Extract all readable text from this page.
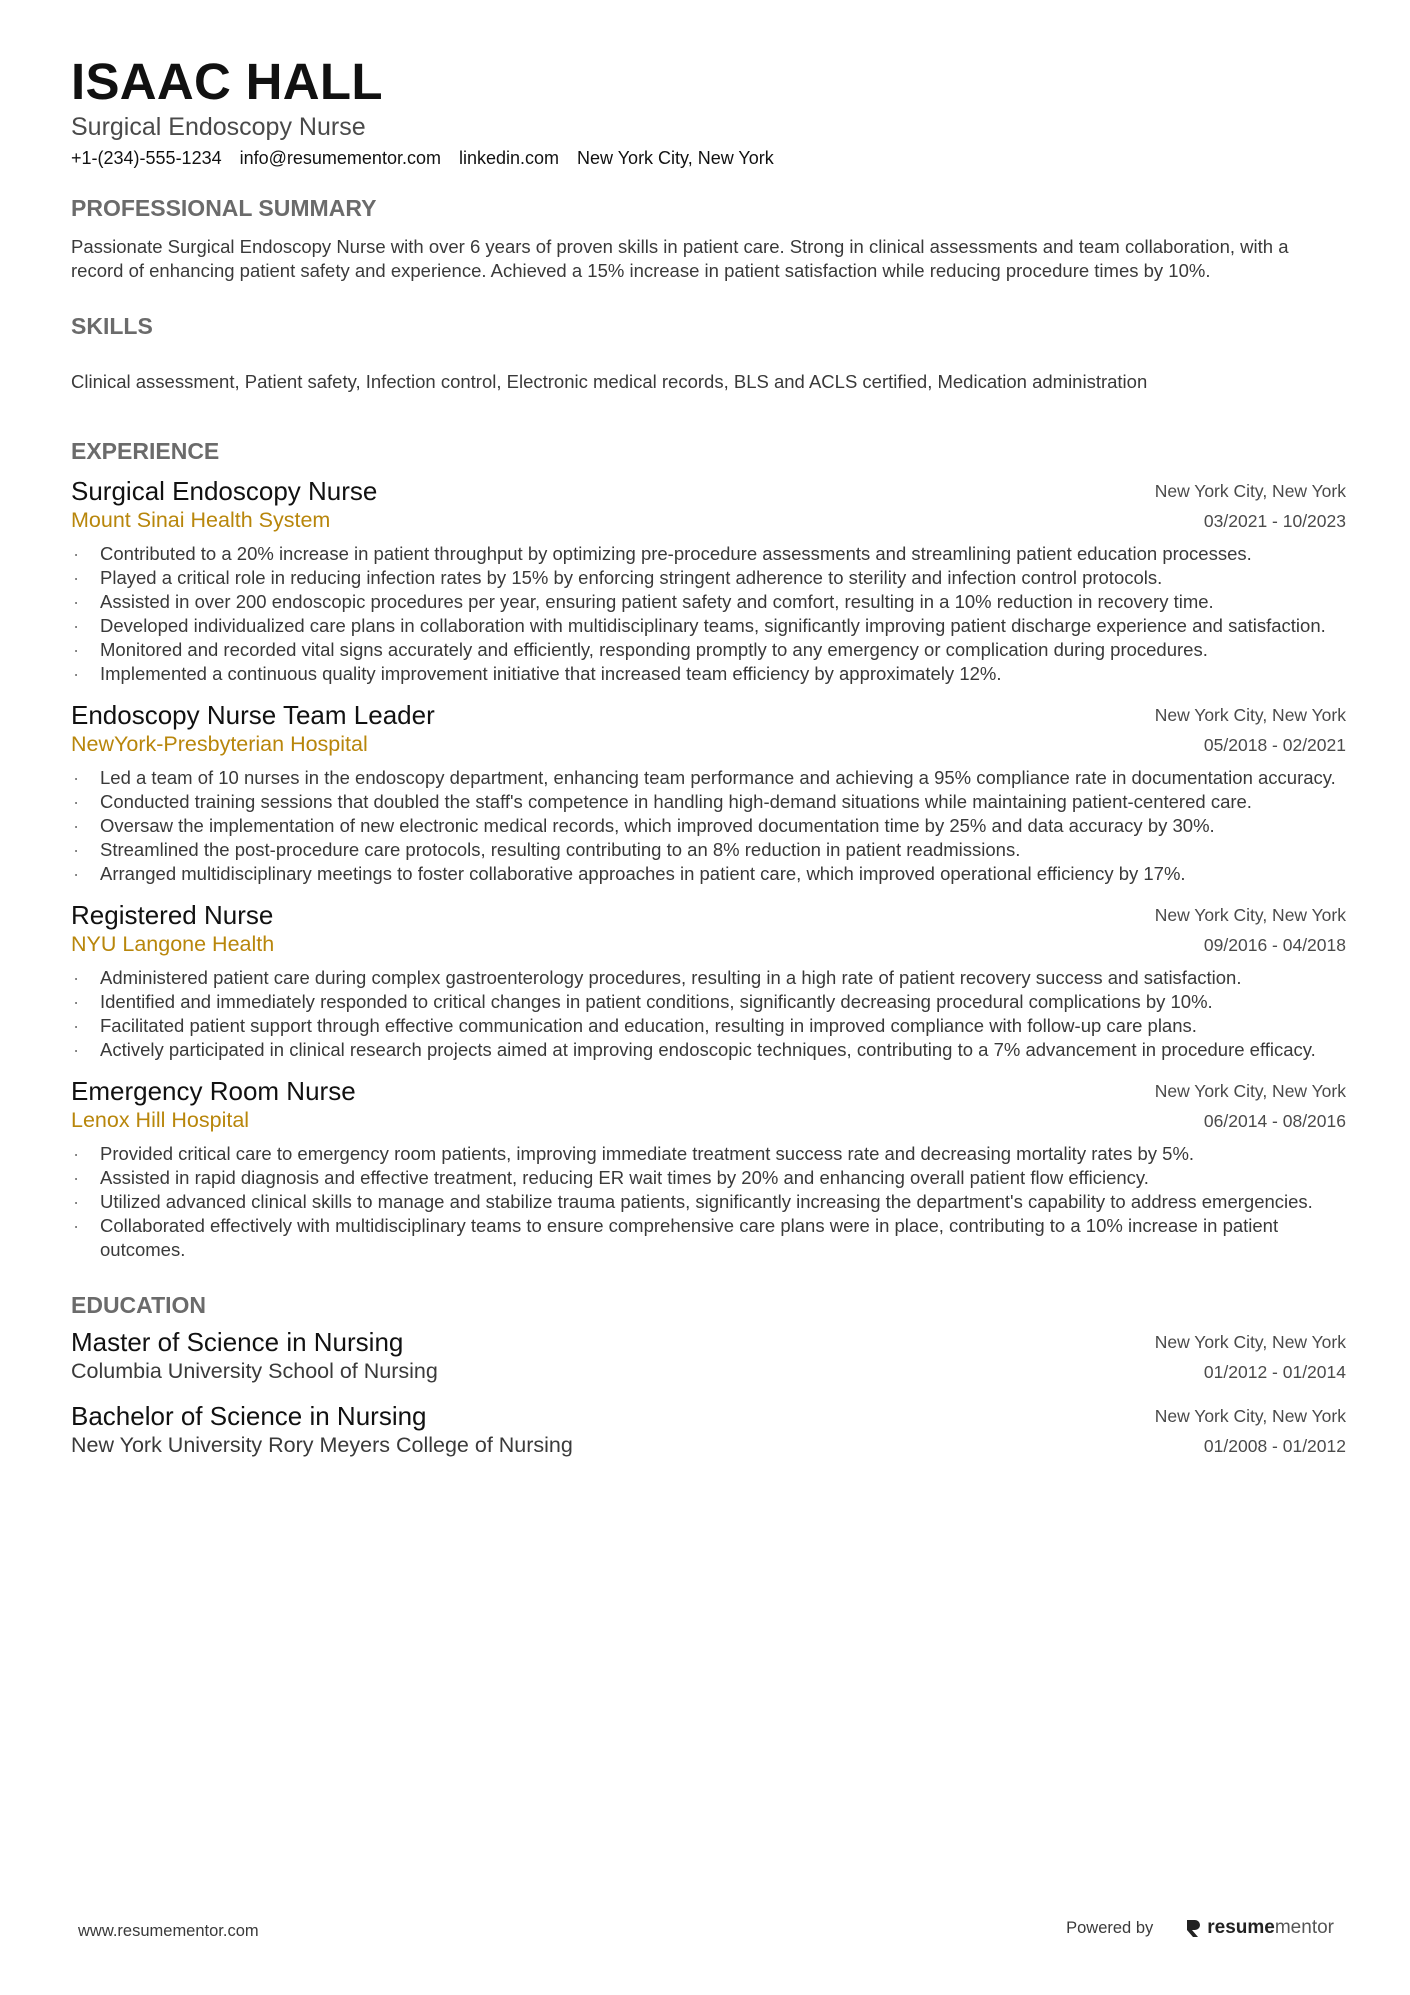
ISAAC HALL
Surgical Endoscopy Nurse
+1-(234)-555-1234 info@resumementor.com linkedin.com New York City, New York
PROFESSIONAL SUMMARY

Passionate Surgical Endoscopy Nurse with over 6 years of proven skills in patient care. Strong in clinical assessments and team collaboration, with a record of enhancing patient safety and experience. Achieved a 15% increase in patient satisfaction while reducing procedure times by 10%.

SKILLS
Clinical assessment, Patient safety, Infection control, Electronic medical records, BLS and ACLS certified, Medication administration
EXPERIENCE
Surgical Endoscopy Nurse
Mount Sinai Health System
New York City, New York
03/2021 - 10/2023
· Contributed to a 20% increase in patient throughput by optimizing pre-procedure assessments and streamlining patient education processes.
· Played a critical role in reducing infection rates by 15% by enforcing stringent adherence to sterility and infection control protocols.
· Assisted in over 200 endoscopic procedures per year, ensuring patient safety and comfort, resulting in a 10% reduction in recovery time.
· Developed individualized care plans in collaboration with multidisciplinary teams, significantly improving patient discharge experience and satisfaction.
· Monitored and recorded vital signs accurately and efficiently, responding promptly to any emergency or complication during procedures.
· Implemented a continuous quality improvement initiative that increased team efficiency by approximately 12%.
Endoscopy Nurse Team Leader
NewYork-Presbyterian Hospital
New York City, New York
05/2018 - 02/2021
· Led a team of 10 nurses in the endoscopy department, enhancing team performance and achieving a 95% compliance rate in documentation accuracy.
· Conducted training sessions that doubled the staff's competence in handling high-demand situations while maintaining patient-centered care.
· Oversaw the implementation of new electronic medical records, which improved documentation time by 25% and data accuracy by 30%.
· Streamlined the post-procedure care protocols, resulting contributing to an 8% reduction in patient readmissions.
· Arranged multidisciplinary meetings to foster collaborative approaches in patient care, which improved operational efficiency by 17%.
Registered Nurse
NYU Langone Health
New York City, New York
09/2016 - 04/2018
· Administered patient care during complex gastroenterology procedures, resulting in a high rate of patient recovery success and satisfaction.
· Identified and immediately responded to critical changes in patient conditions, significantly decreasing procedural complications by 10%.
· Facilitated patient support through effective communication and education, resulting in improved compliance with follow-up care plans.
· Actively participated in clinical research projects aimed at improving endoscopic techniques, contributing to a 7% advancement in procedure efficacy.
Emergency Room Nurse
Lenox Hill Hospital
New York City, New York
06/2014 - 08/2016
· Provided critical care to emergency room patients, improving immediate treatment success rate and decreasing mortality rates by 5%.
· Assisted in rapid diagnosis and effective treatment, reducing ER wait times by 20% and enhancing overall patient flow efficiency.
· Utilized advanced clinical skills to manage and stabilize trauma patients, significantly increasing the department's capability to address emergencies.
· Collaborated effectively with multidisciplinary teams to ensure comprehensive care plans were in place, contributing to a 10% increase in patient outcomes.
EDUCATION
Master of Science in Nursing
Columbia University School of Nursing
New York City, New York
01/2012 - 01/2014
Bachelor of Science in Nursing
New York University Rory Meyers College of Nursing
New York City, New York
01/2008 - 01/2012
www.resumementor.com	Powered by	resume mentor
